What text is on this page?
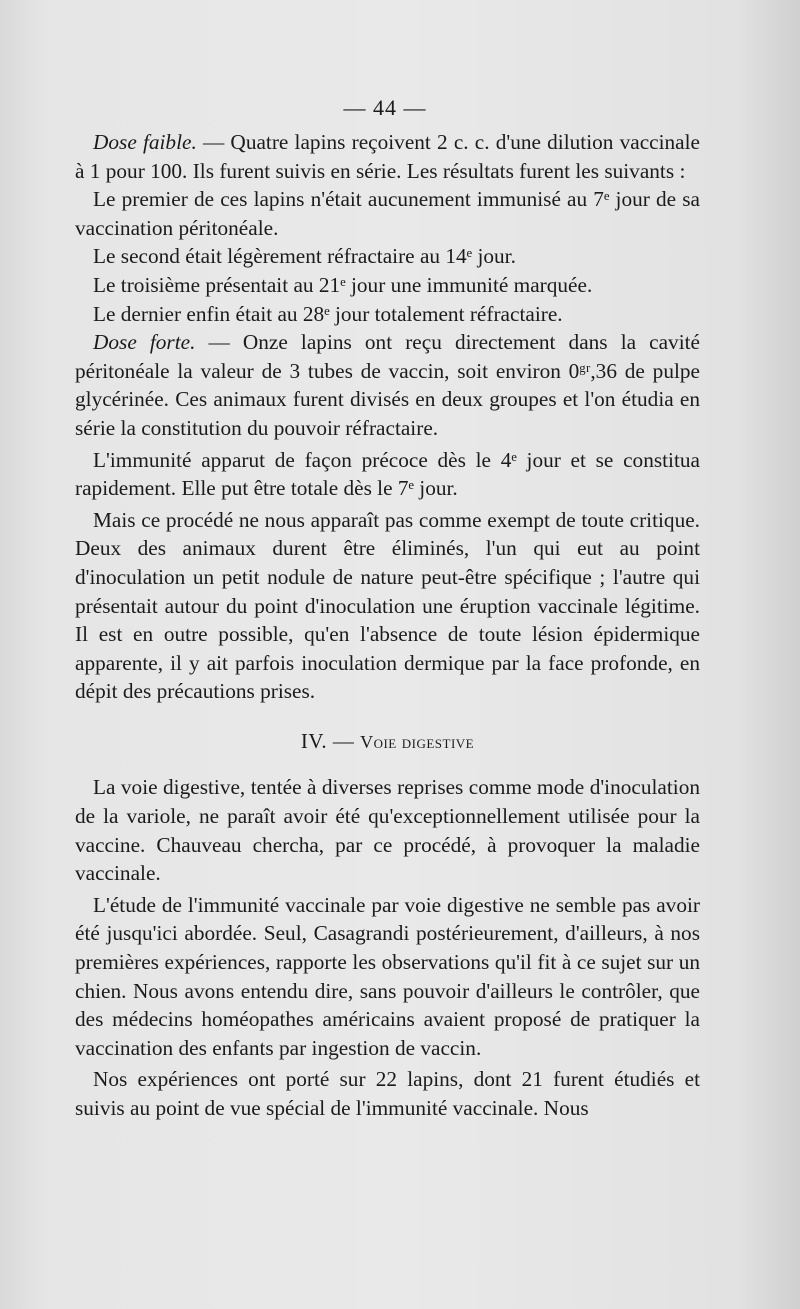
— 44 —

Dose faible. — Quatre lapins reçoivent 2 c. c. d'une dilution vaccinale à 1 pour 100. Ils furent suivis en série. Les résultats furent les suivants :

Le premier de ces lapins n'était aucunement immunisé au 7ᵉ jour de sa vaccination péritonéale.

Le second était légèrement réfractaire au 14ᵉ jour.

Le troisième présentait au 21ᵉ jour une immunité marquée.

Le dernier enfin était au 28ᵉ jour totalement réfractaire.

Dose forte. — Onze lapins ont reçu directement dans la cavité péritonéale la valeur de 3 tubes de vaccin, soit environ 0ᵍʳ,36 de pulpe glycérinée. Ces animaux furent divisés en deux groupes et l'on étudia en série la constitution du pouvoir réfractaire.

L'immunité apparut de façon précoce dès le 4ᵉ jour et se constitua rapidement. Elle put être totale dès le 7ᵉ jour.

Mais ce procédé ne nous apparaît pas comme exempt de toute critique. Deux des animaux durent être éliminés, l'un qui eut au point d'inoculation un petit nodule de nature peut-être spécifique ; l'autre qui présentait autour du point d'inoculation une éruption vaccinale légitime. Il est en outre possible, qu'en l'absence de toute lésion épidermique apparente, il y ait parfois inoculation dermique par la face profonde, en dépit des précautions prises.

IV. — Voie digestive

La voie digestive, tentée à diverses reprises comme mode d'inoculation de la variole, ne paraît avoir été qu'exceptionnellement utilisée pour la vaccine. Chauveau chercha, par ce procédé, à provoquer la maladie vaccinale.

L'étude de l'immunité vaccinale par voie digestive ne semble pas avoir été jusqu'ici abordée. Seul, Casagrandi postérieurement, d'ailleurs, à nos premières expériences, rapporte les observations qu'il fit à ce sujet sur un chien. Nous avons entendu dire, sans pouvoir d'ailleurs le contrôler, que des médecins homéopathes américains avaient proposé de pratiquer la vaccination des enfants par ingestion de vaccin.

Nos expériences ont porté sur 22 lapins, dont 21 furent étudiés et suivis au point de vue spécial de l'immunité vaccinale. Nous
